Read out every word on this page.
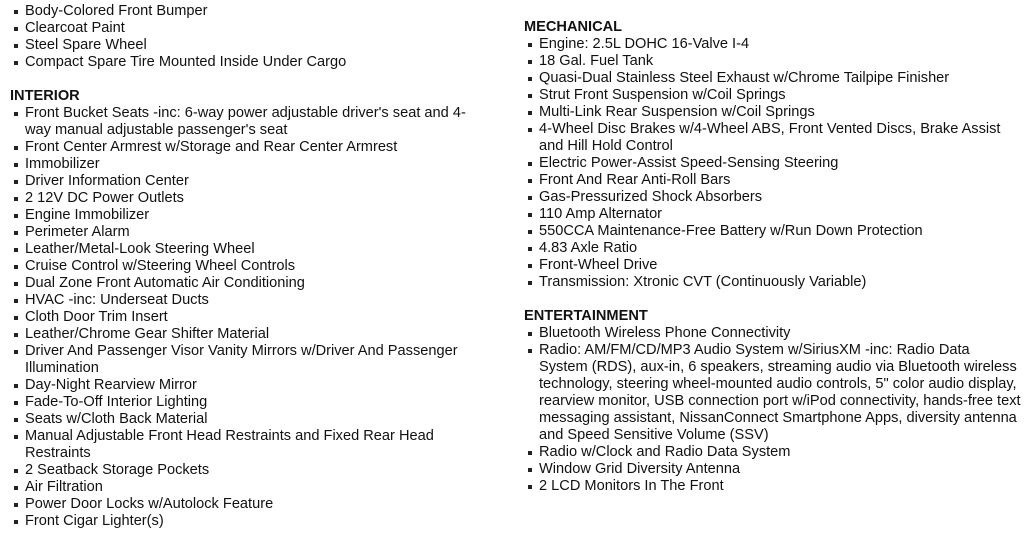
Body-Colored Front Bumper
Clearcoat Paint
Steel Spare Wheel
Compact Spare Tire Mounted Inside Under Cargo
INTERIOR
Front Bucket Seats -inc: 6-way power adjustable driver's seat and 4-way manual adjustable passenger's seat
Front Center Armrest w/Storage and Rear Center Armrest
Immobilizer
Driver Information Center
2 12V DC Power Outlets
Engine Immobilizer
Perimeter Alarm
Leather/Metal-Look Steering Wheel
Cruise Control w/Steering Wheel Controls
Dual Zone Front Automatic Air Conditioning
HVAC -inc: Underseat Ducts
Cloth Door Trim Insert
Leather/Chrome Gear Shifter Material
Driver And Passenger Visor Vanity Mirrors w/Driver And Passenger Illumination
Day-Night Rearview Mirror
Fade-To-Off Interior Lighting
Seats w/Cloth Back Material
Manual Adjustable Front Head Restraints and Fixed Rear Head Restraints
2 Seatback Storage Pockets
Air Filtration
Power Door Locks w/Autolock Feature
Front Cigar Lighter(s)
MECHANICAL
Engine: 2.5L DOHC 16-Valve I-4
18 Gal. Fuel Tank
Quasi-Dual Stainless Steel Exhaust w/Chrome Tailpipe Finisher
Strut Front Suspension w/Coil Springs
Multi-Link Rear Suspension w/Coil Springs
4-Wheel Disc Brakes w/4-Wheel ABS, Front Vented Discs, Brake Assist and Hill Hold Control
Electric Power-Assist Speed-Sensing Steering
Front And Rear Anti-Roll Bars
Gas-Pressurized Shock Absorbers
110 Amp Alternator
550CCA Maintenance-Free Battery w/Run Down Protection
4.83 Axle Ratio
Front-Wheel Drive
Transmission: Xtronic CVT (Continuously Variable)
ENTERTAINMENT
Bluetooth Wireless Phone Connectivity
Radio: AM/FM/CD/MP3 Audio System w/SiriusXM -inc: Radio Data System (RDS), aux-in, 6 speakers, streaming audio via Bluetooth wireless technology, steering wheel-mounted audio controls, 5" color audio display, rearview monitor, USB connection port w/iPod connectivity, hands-free text messaging assistant, NissanConnect Smartphone Apps, diversity antenna and Speed Sensitive Volume (SSV)
Radio w/Clock and Radio Data System
Window Grid Diversity Antenna
2 LCD Monitors In The Front
